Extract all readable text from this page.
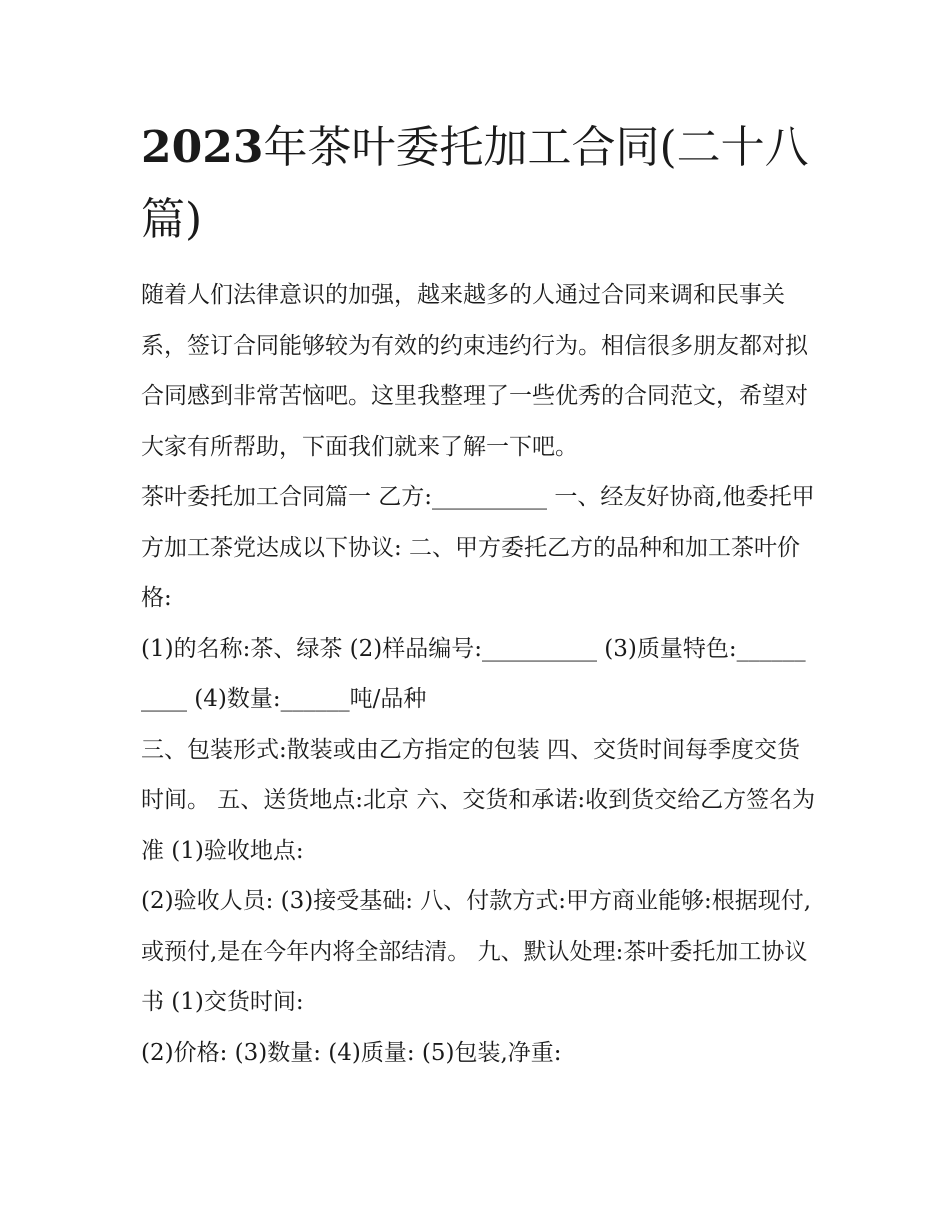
2023年茶叶委托加工合同(二十八篇)

随着人们法律意识的加强，越来越多的人通过合同来调和民事关系，签订合同能够较为有效的约束违约行为。相信很多朋友都对拟合同感到非常苦恼吧。这里我整理了一些优秀的合同范文，希望对大家有所帮助，下面我们就来了解一下吧。

茶叶委托加工合同篇一 乙方:__________ 一、经友好协商,他委托甲方加工茶党达成以下协议: 二、甲方委托乙方的品种和加工茶叶价格:

(1)的名称:茶、绿茶 (2)样品编号:__________ (3)质量特色:__________ (4)数量:______吨/品种

三、包装形式:散装或由乙方指定的包装 四、交货时间每季度交货时间。 五、送货地点:北京 六、交货和承诺:收到货交给乙方签名为准 (1)验收地点:

(2)验收人员: (3)接受基础: 八、付款方式:甲方商业能够:根据现付,或预付,是在今年内将全部结清。 九、默认处理:茶叶委托加工协议书 (1)交货时间:

(2)价格: (3)数量: (4)质量: (5)包装,净重:
